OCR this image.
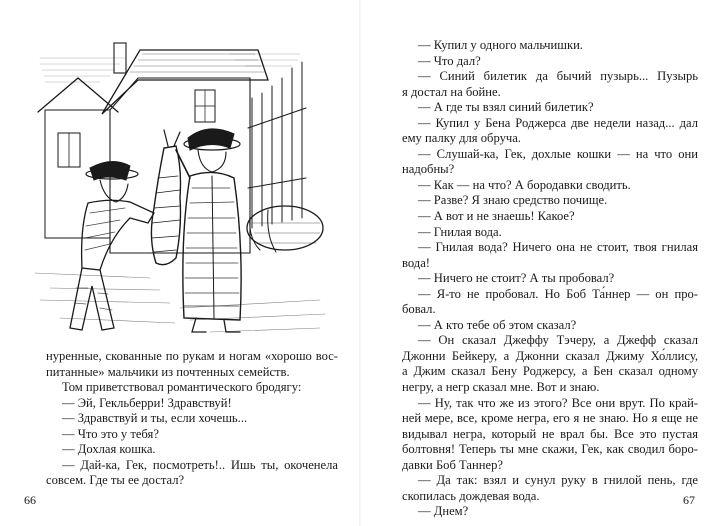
нуренные, скованные по рукам и ногам «хорошо вос-
питанные» мальчики из почтенных семейств.
Том приветствовал романтического бродягу:
— Эй, Гекльберри! Здравствуй!
— Здравствуй и ты, если хочешь...
— Что это у тебя?
— Дохлая кошка.
— Дай-ка, Гек, посмотреть!.. Ишь ты, окоченела
совсем. Где ты ее достал?
— Купил у одного мальчишки.
— Что дал?
— Синий билетик да бычий пузырь... Пузырь
я достал на бойне.
— А где ты взял синий билетик?
— Купил у Бена Роджерса две недели назад... дал
ему палку для обруча.
— Слушай-ка, Гек, дохлые кошки — на что они
надобны?
— Как — на что? А бородавки сводить.
— Разве? Я знаю средство почище.
— А вот и не знаешь! Какое?
— Гнилая вода.
— Гнилая вода? Ничего она не стоит, твоя гнилая
вода!
— Ничего не стоит? А ты пробовал?
— Я-то не пробовал. Но Боб Та́ннер — он про-
бовал.
— А кто тебе об этом сказал?
— Он сказал Джеффу Тэчеру, а Джефф сказал
Джонни Бейкеру, а Джонни сказал Джиму Хо́ллису,
а Джим сказал Бену Роджерсу, а Бен сказал одному
негру, а негр сказал мне. Вот и знаю.
— Ну, так что же из этого? Все они врут. По край-
ней мере, все, кроме негра, его я не знаю. Но я еще не
видывал негра, который не врал бы. Все это пустая
болтовня! Теперь ты мне скажи, Гек, как сводил боро-
давки Боб Таннер?
— Да так: взял и сунул руку в гнилой пень, где
скопилась дождевая вода.
— Днем?
66	67
